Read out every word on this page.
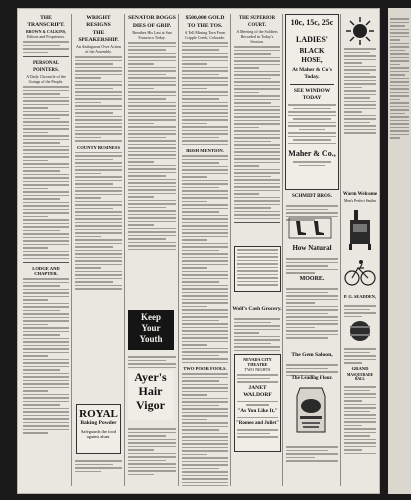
THE TRANSCRIPT.
BROWN & CALKINS,
Editors and Proprietors.
PERSONAL POINTERS.
A Daily Chronicle of the Goings of the People.
LODGE AND CHAPTER.
WRIGHT RESIGNS
THE SPEAKERSHIP.
An Ambiguous Over Action of the Assembly.
COUNTY BUSINESS
ROYAL
Baking Powder
Safeguards the food against alum.
SENATOR BOGGS
DIES OF GRIP.
Breathes His Last at San Francisco Today.
Keep
Your
Youth
Ayer's
Hair
Vigor
$500,000 GOLD
TO THE TOS.
A Tell Mining Torn From Cripple Creek, Colorado.
IRISH MENTION.
TWO POOR FOOLS.
THE SUPERIOR COURT.
A Meeting of the Soldiers Recorded in Today's Session.
Wolf's Cash Grocery.
NEVADA CITY THEATRE
TWO NIGHTS
JANET WALDORF
"As You Like It,"
"Romeo and Juliet"
10c, 15c, 25c
LADIES'
BLACK
HOSE,
At Maher & Co's Today.
SEE WINDOW TODAY
Maher & Co.,
SCHMIDT BROS.
How Natural
MOORE.
The Gem Saloon,
The Leading Flour.
Warm Welcome
Men's Perfect Smiles
P. G. SEADDEN,
GRAND
MASQUERADE BALL
